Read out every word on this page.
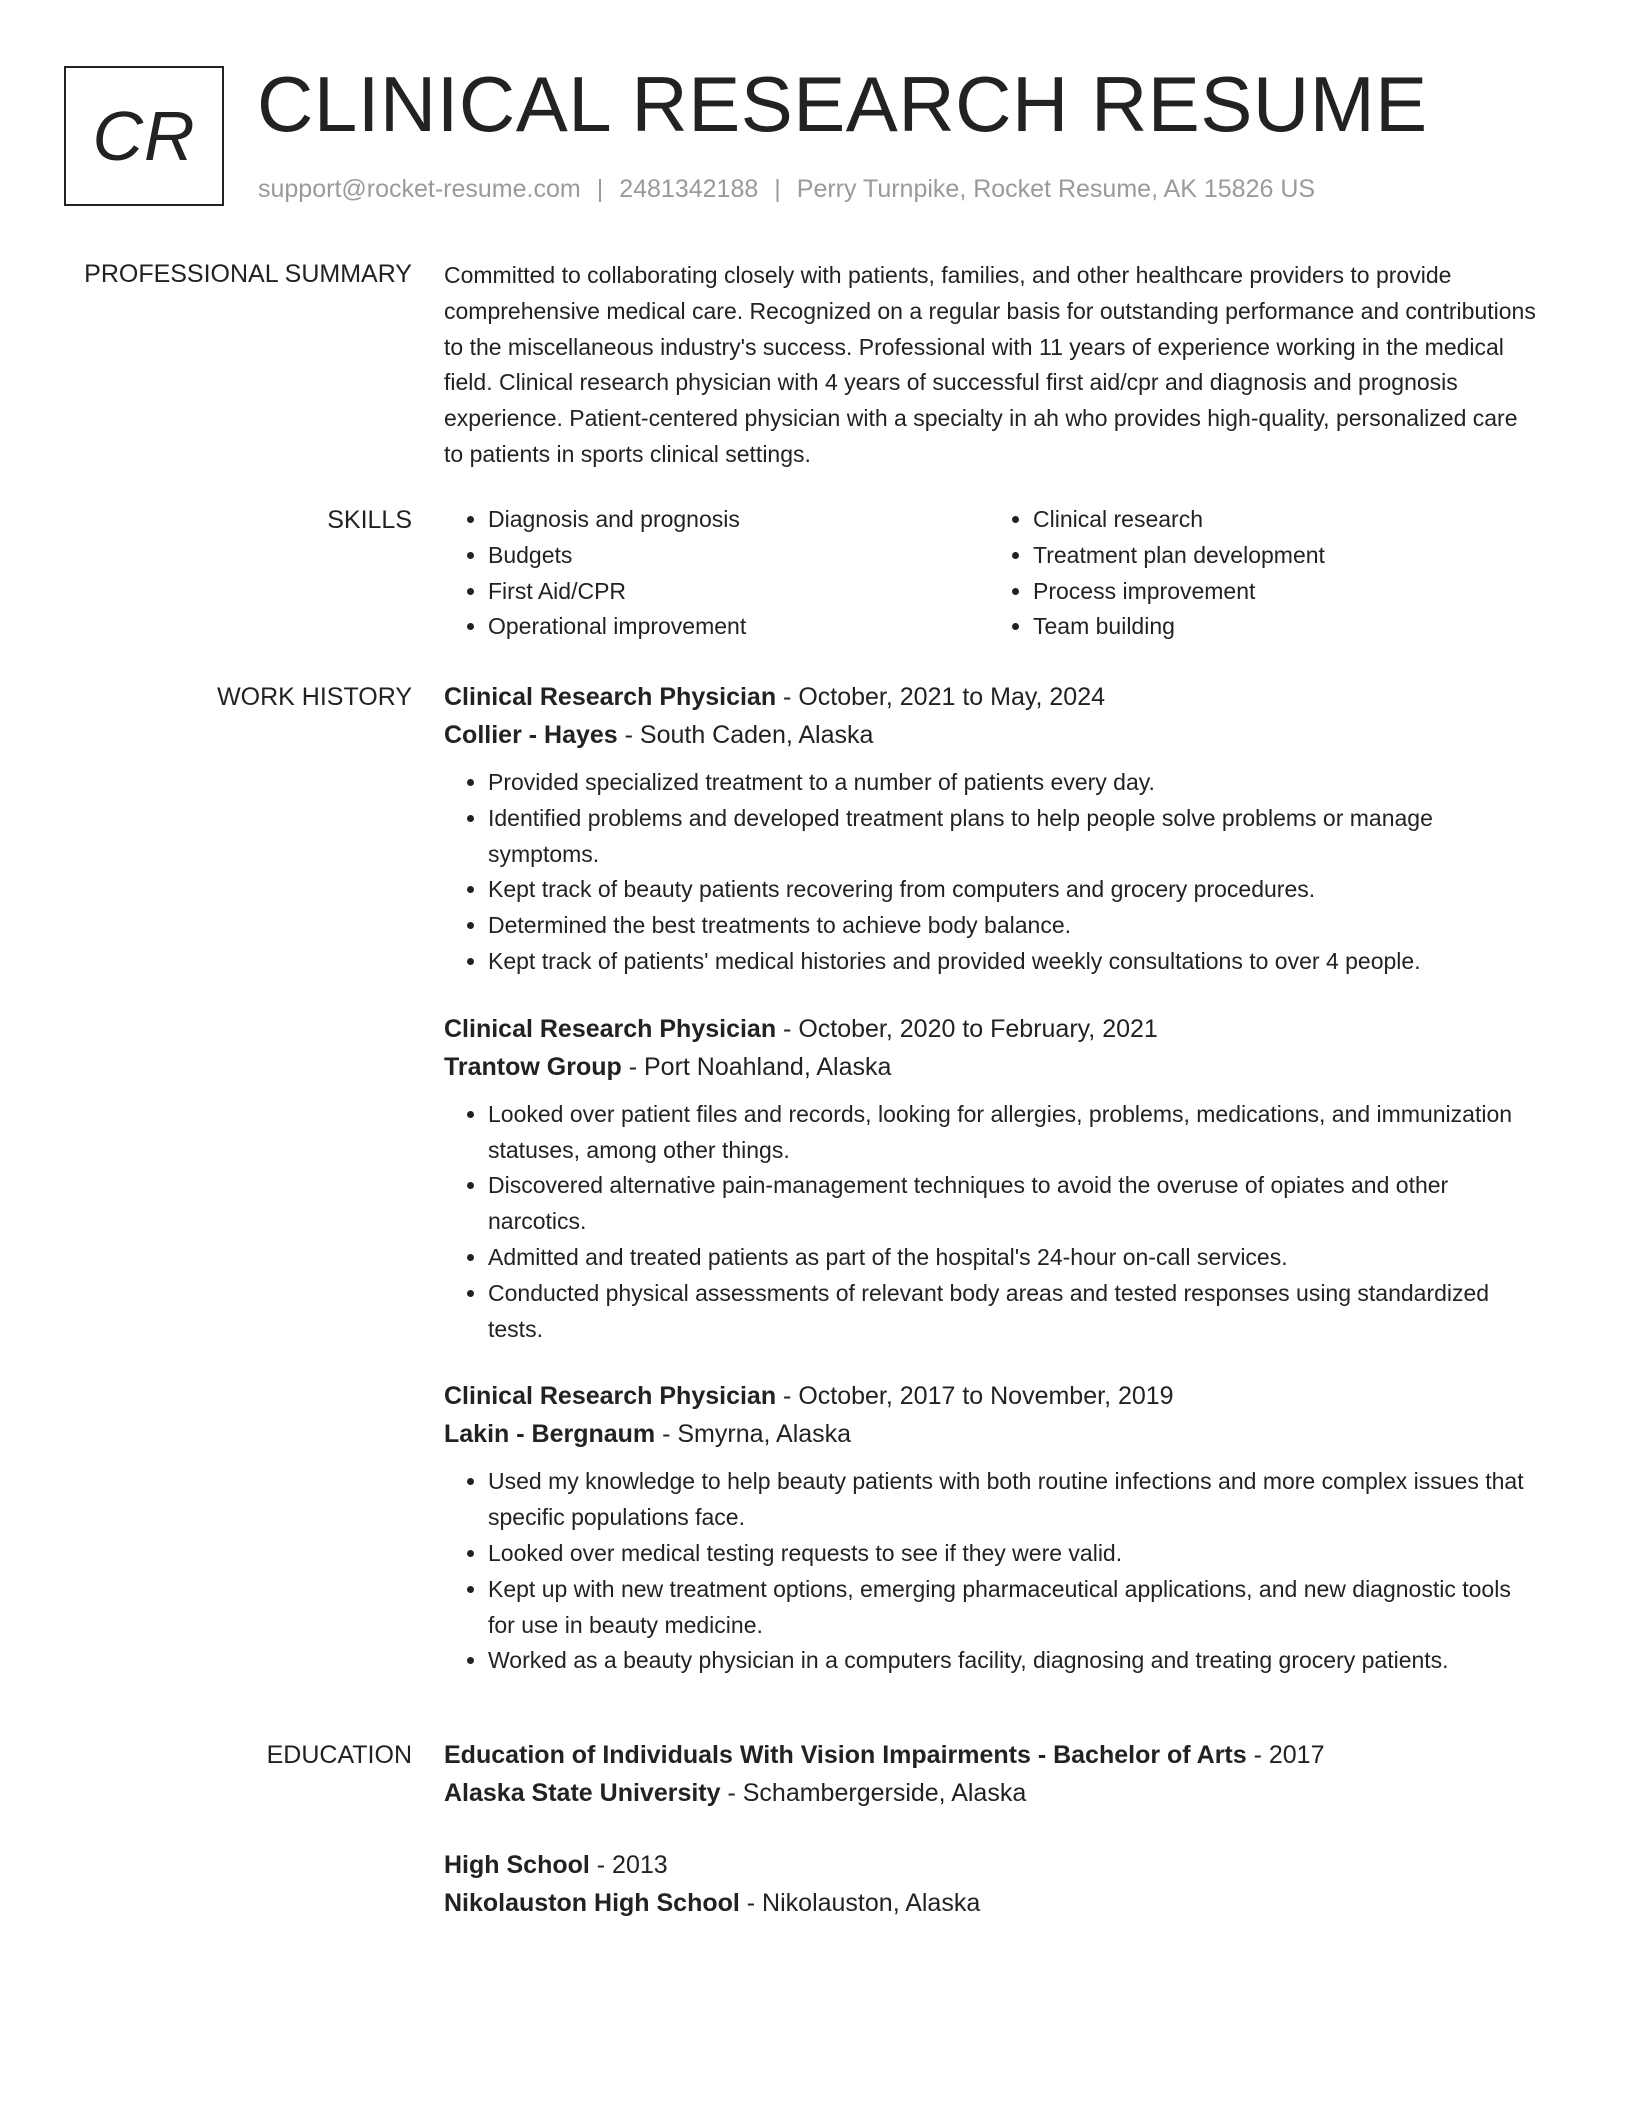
CR CLINICAL RESEARCH RESUME
support@rocket-resume.com | 2481342188 | Perry Turnpike, Rocket Resume, AK 15826 US
PROFESSIONAL SUMMARY Committed to collaborating closely with patients, families, and other healthcare providers to provide comprehensive medical care. Recognized on a regular basis for outstanding performance and contributions to the miscellaneous industry's success. Professional with 11 years of experience working in the medical field. Clinical research physician with 4 years of successful first aid/cpr and diagnosis and prognosis experience. Patient-centered physician with a specialty in ah who provides high-quality, personalized care to patients in sports clinical settings.

SKILLS
•	Diagnosis and prognosis
• Budgets
• First Aid/CPR
• Operational improvement
• Clinical research
• Treatment plan development
• Process improvement
• Team building
WORK HISTORY Clinical Research Physician - October, 2021 to May, 2024
Collier - Hayes - South Caden, Alaska
• Provided specialized treatment to a number of patients every day.
• Identified problems and developed treatment plans to help people solve problems or manage symptoms.
• Kept track of beauty patients recovering from computers and grocery procedures.
• Determined the best treatments to achieve body balance.
• Kept track of patients' medical histories and provided weekly consultations to over 4 people.
Clinical Research Physician - October, 2020 to February, 2021
Trantow Group - Port Noahland, Alaska
• Looked over patient files and records, looking for allergies, problems, medications, and immunization statuses, among other things.
• Discovered alternative pain-management techniques to avoid the overuse of opiates and other narcotics.
• Admitted and treated patients as part of the hospital's 24-hour on-call services.
• Conducted physical assessments of relevant body areas and tested responses using standardized tests.
Clinical Research Physician - October, 2017 to November, 2019
Lakin - Bergnaum - Smyrna, Alaska
• Used my knowledge to help beauty patients with both routine infections and more complex issues that specific populations face.
• Looked over medical testing requests to see if they were valid.
• Kept up with new treatment options, emerging pharmaceutical applications, and new diagnostic tools for use in beauty medicine.
• Worked as a beauty physician in a computers facility, diagnosing and treating grocery patients.
EDUCATION Education of Individuals With Vision Impairments - Bachelor of Arts - 2017
Alaska State University - Schambergerside, Alaska
High School - 2013
Nikolauston High School - Nikolauston, Alaska
